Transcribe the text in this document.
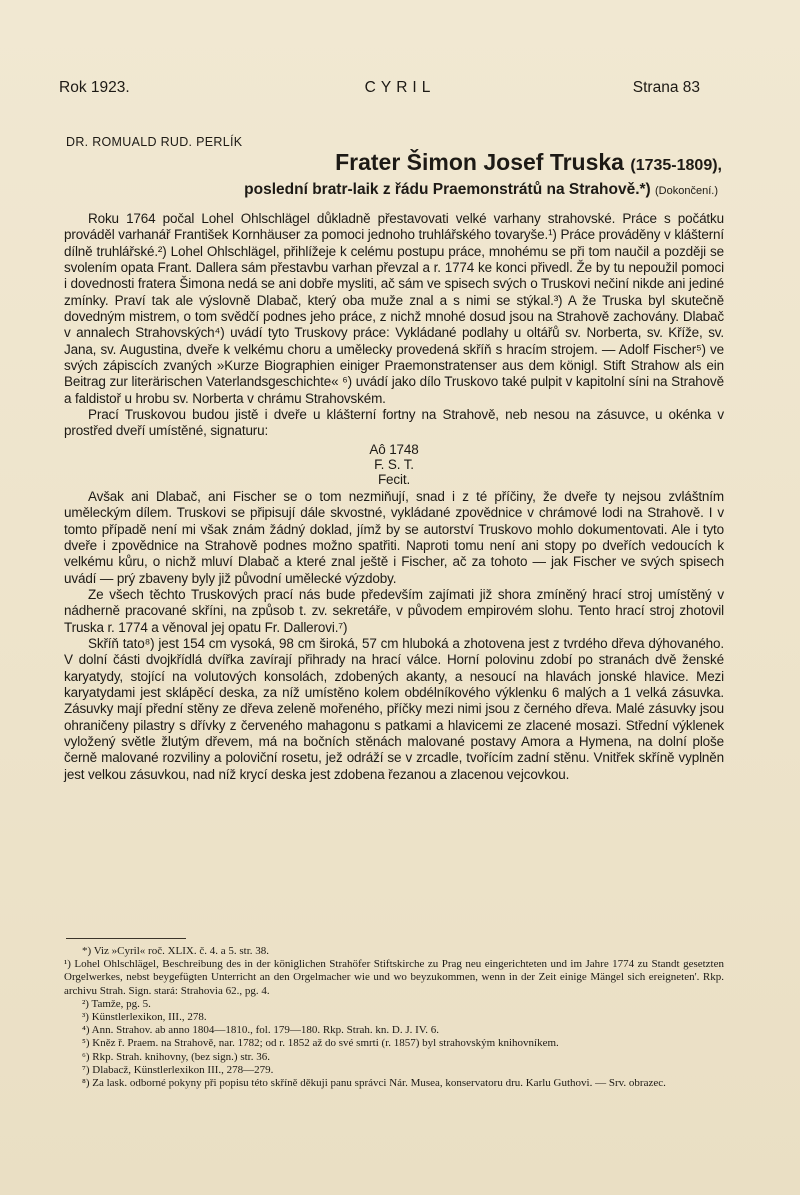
Rok 1923.	CYRIL	Strana 83
DR. ROMUALD RUD. PERLÍK
Frater Šimon Josef Truska (1735-1809),
poslední bratr-laik z řádu Praemonstrátů na Strahově.*) (Dokončení.)

Roku 1764 počal Lohel Ohlschlägel důkladně přestavovati velké varhany strahovské. Práce s počátku prováděl varhanář František Kornhäuser za pomoci jednoho truhlářského tovaryše.¹) Práce prováděny v klášterní dílně truhlářské.²) Lohel Ohlschlägel, přihlížeje k celému postupu práce, mnohému se při tom naučil a později se svolením opata Frant. Dallera sám přestavbu varhan převzal a r. 1774 ke konci přivedl. Že by tu nepoužil pomoci i dovednosti fratera Šimona nedá se ani dobře mysliti, ač sám ve spisech svých o Truskovi nečiní nikde ani jediné zmínky. Praví tak ale výslovně Dlabač, který oba muže znal a s nimi se stýkal.³) A že Truska byl skutečně dovedným mistrem, o tom svědčí podnes jeho práce, z nichž mnohé dosud jsou na Strahově zachovány. Dlabač v annalech Strahovských⁴) uvádí tyto Truskovy práce: Vykládané podlahy u oltářů sv. Norberta, sv. Kříže, sv. Jana, sv. Augustina, dveře k velkému choru a umělecky provedená skříň s hracím strojem. — Adolf Fischer⁵) ve svých zápiscích zvaných »Kurze Biographien einiger Praemonstratenser aus dem königl. Stift Strahow als ein Beitrag zur literärischen Vaterlandsgeschichte« ⁶) uvádí jako dílo Truskovo také pulpit v kapitolní síni na Strahově a faldistoř u hrobu sv. Norberta v chrámu Strahovském.

Prací Truskovou budou jistě i dveře u klášterní fortny na Strahově, neb nesou na zásuvce, u okénka v prostřed dveří umístěné, signaturu:

Aô 1748
F. S. T.
Fecit.

Avšak ani Dlabač, ani Fischer se o tom nezmiňují, snad i z té příčiny, že dveře ty nejsou zvláštním uměleckým dílem. Truskovi se připisují dále skvostné, vykládané zpovědnice v chrámové lodi na Strahově. I v tomto případě není mi však znám žádný doklad, jímž by se autorství Truskovo mohlo dokumentovati. Ale i tyto dveře i zpovědnice na Strahově podnes možno spatřiti. Naproti tomu není ani stopy po dveřích vedoucích k velkému kůru, o nichž mluví Dlabač a které znal ještě i Fischer, ač za tohoto — jak Fischer ve svých spisech uvádí — prý zbaveny byly již původní umělecké výzdoby.

Ze všech těchto Truskových prací nás bude především zajímati již shora zmíněný hrací stroj umístěný v nádherně pracované skříni, na způsob t. zv. sekretáře, v původem empirovém slohu. Tento hrací stroj zhotovil Truska r. 1774 a věnoval jej opatu Fr. Dallerovi.⁷)

Skříň tato⁸) jest 154 cm vysoká, 98 cm široká, 57 cm hluboká a zhotovena jest z tvrdého dřeva dýhovaného. V dolní části dvojkřídlá dvířka zavírají přihrady na hrací válce. Horní polovinu zdobí po stranách dvě ženské karyatydy, stojící na volutových konsolách, zdobených akanty, a nesoucí na hlavách jonské hlavice. Mezi karyatydami jest sklápěcí deska, za níž umístěno kolem obdélníkového výklenku 6 malých a 1 velká zásuvka. Zásuvky mají přední stěny ze dřeva zeleně mořeného, příčky mezi nimi jsou z černého dřeva. Malé zásuvky jsou ohraničeny pilastry s dřívky z červeného mahagonu s patkami a hlavicemi ze zlacené mosazi. Střední výklenek vyložený světle žlutým dřevem, má na bočních stěnách malované postavy Amora a Hymena, na dolní ploše černě malované rozviliny a poloviční rosetu, jež odráží se v zrcadle, tvořícím zadní stěnu. Vnitřek skříně vyplněn jest velkou zásuvkou, nad níž krycí deska jest zdobena řezanou a zlacenou vejcovkou.

*) Viz »Cyril« roč. XLIX. č. 4. a 5. str. 38.
¹) Lohel Ohlschlägel, Beschreibung des in der königlichen Strahöfer Stiftskirche zu Prag neu eingerichteten und im Jahre 1774 zu Standt gesetzten Orgelwerkes, nebst beygefügten Unterricht an den Orgelmacher wie und wo beyzukommen, wenn in der Zeit einige Mängel sich ereigneten'. Rkp. archivu Strah. Sign. stará: Strahovia 62., pg. 4.
²) Tamže, pg. 5.
³) Künstlerlexikon, III., 278.
⁴) Ann. Strahov. ab anno 1804—1810., fol. 179—180. Rkp. Strah. kn. D. J. IV. 6.
⁵) Kněz ř. Praem. na Strahově, nar. 1782; od r. 1852 až do své smrti (r. 1857) byl strahovským knihovníkem.
⁶) Rkp. Strah. knihovny, (bez sign.) str. 36.
⁷) Dlabacž, Künstlerlexikon III., 278—279.
⁸) Za lask. odborné pokyny při popisu této skříně děkuji panu správci Nár. Musea, konservatoru dru. Karlu Guthovi. — Srv. obrazec.
